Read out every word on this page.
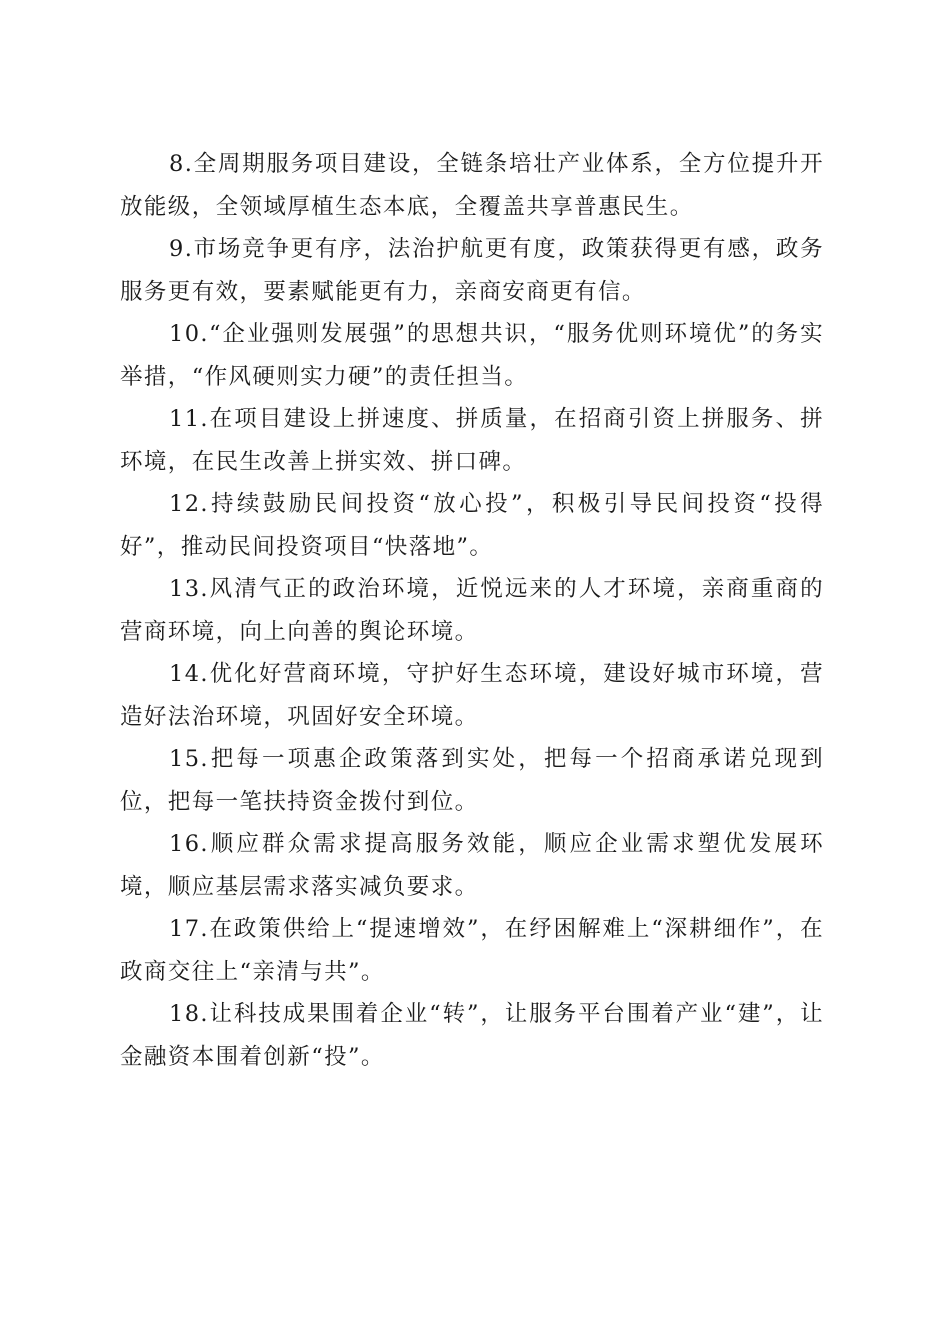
8.全周期服务项目建设，全链条培壮产业体系，全方位提升开放能级，全领域厚植生态本底，全覆盖共享普惠民生。

9.市场竞争更有序，法治护航更有度，政策获得更有感，政务服务更有效，要素赋能更有力，亲商安商更有信。

10.“企业强则发展强”的思想共识，“服务优则环境优”的务实举措，“作风硬则实力硬”的责任担当。

11.在项目建设上拼速度、拼质量，在招商引资上拼服务、拼环境，在民生改善上拼实效、拼口碑。

12.持续鼓励民间投资“放心投”，积极引导民间投资“投得好”，推动民间投资项目“快落地”。

13.风清气正的政治环境，近悦远来的人才环境，亲商重商的营商环境，向上向善的舆论环境。

14.优化好营商环境，守护好生态环境，建设好城市环境，营造好法治环境，巩固好安全环境。

15.把每一项惠企政策落到实处，把每一个招商承诺兑现到位，把每一笔扶持资金拨付到位。

16.顺应群众需求提高服务效能，顺应企业需求塑优发展环境，顺应基层需求落实减负要求。

17.在政策供给上“提速增效”，在纾困解难上“深耕细作”，在政商交往上“亲清与共”。

18.让科技成果围着企业“转”，让服务平台围着产业“建”，让金融资本围着创新“投”。
